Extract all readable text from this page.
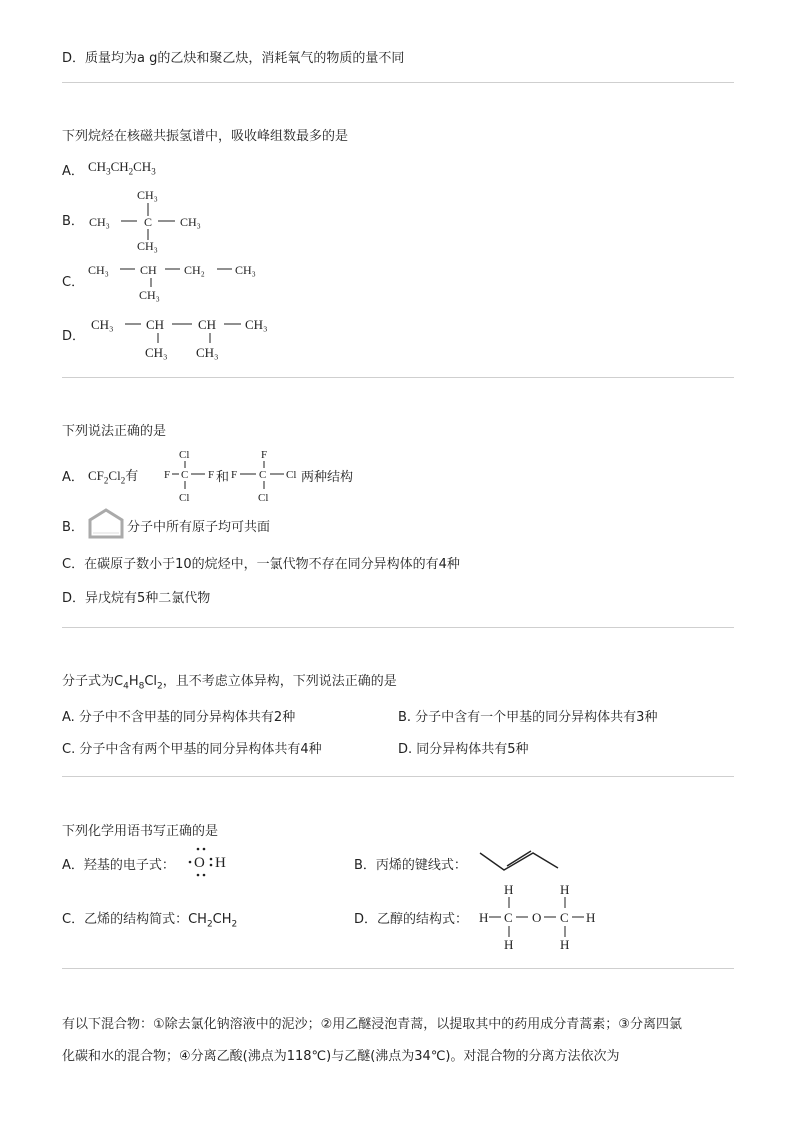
D．质量均为a g的乙炔和聚乙炔，消耗氧气的物质的量不同
下列烷烃在核磁共振氢谱中，吸收峰组数最多的是
A． $CH_3CH_2CH_3$
B．
CH₃
CH₃	C CH₃
CH₃
C．
CH₃	CH CH₂	CH₃
CH₃
D．
CH₃ CH	CH CH₃
CH₃ CH₃
下列说法正确的是
A． $CF_2Cl_2$有
Cl
F C F
Cl
和
F
F C Cl
Cl
两种结构
B．	分子中所有原子均可共面
C．在碳原子数小于10的烷烃中，一氯代物不存在同分异构体的有4种
D．异戊烷有5种二氯代物
分子式为$C_4H_8Cl_2$，且不考虑立体异构，下列说法正确的是
A. 分子中不含甲基的同分异构体共有2种	B. 分子中含有一个甲基的同分异构体共有3种
C. 分子中含有两个甲基的同分异构体共有4种	D. 同分异构体共有5种
下列化学用语书写正确的是
A．羟基的电子式： O H	B．丙烯的键线式：
C．乙烯的结构简式：$CH_2CH_2$	D．乙醇的结构式：
H	H
H C O C H
H	H
有以下混合物：①除去氯化钠溶液中的泥沙；②用乙醚浸泡青蒿，以提取其中的药用成分青蒿素；③分离四氯
化碳和水的混合物；④分离乙酸(沸点为118℃)与乙醚(沸点为34℃)。对混合物的分离方法依次为
